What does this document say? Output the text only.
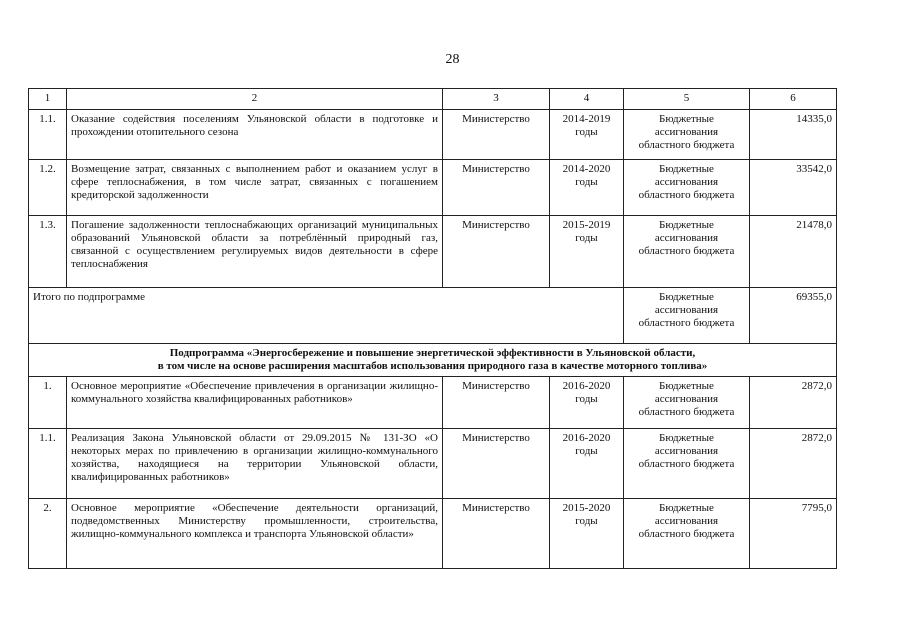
28
1	2	3	4	5	6
1.1.	Оказание содействия поселениям Ульяновской области в подготовке и прохождении отопительного сезона	Министерство	2014-2019 годы	Бюджетные ассигнования областного бюджета	14335,0
1.2.	Возмещение затрат, связанных с выполнением работ и оказанием услуг в сфере теплоснабжения, в том числе затрат, связанных с погашением кредиторской задолженности	Министерство	2014-2020 годы	Бюджетные ассигнования областного бюджета	33542,0
1.3.	Погашение задолженности теплоснабжающих организаций муниципальных образований Ульяновской области за потреблённый природный газ, связанной с осуществлением регулируемых видов деятельности в сфере теплоснабжения	Министерство	2015-2019 годы	Бюджетные ассигнования областного бюджета	21478,0
Итого по подпрограмме				Бюджетные ассигнования областного бюджета	69355,0

Подпрограмма «Энергосбережение и повышение энергетической эффективности в Ульяновской области,
в том числе на основе расширения масштабов использования природного газа в качестве моторного топлива»					

1.	Основное мероприятие «Обеспечение привлечения в организации жилищно-коммунального хозяйства квалифицированных работников»	Министерство	2016-2020 годы	Бюджетные ассигнования областного бюджета	2872,0
1.1.	Реализация Закона Ульяновской области от 29.09.2015 № 131-ЗО «О некоторых мерах по привлечению в организации жилищно-коммунального хозяйства, находящиеся на территории Ульяновской области, квалифицированных работников»	Министерство	2016-2020 годы	Бюджетные ассигнования областного бюджета	2872,0
2.	Основное мероприятие «Обеспечение деятельности организаций, подведомственных Министерству промышленности, строительства, жилищно-коммунального комплекса и транспорта Ульяновской области»	Министерство	2015-2020 годы	Бюджетные ассигнования областного бюджета	7795,0
